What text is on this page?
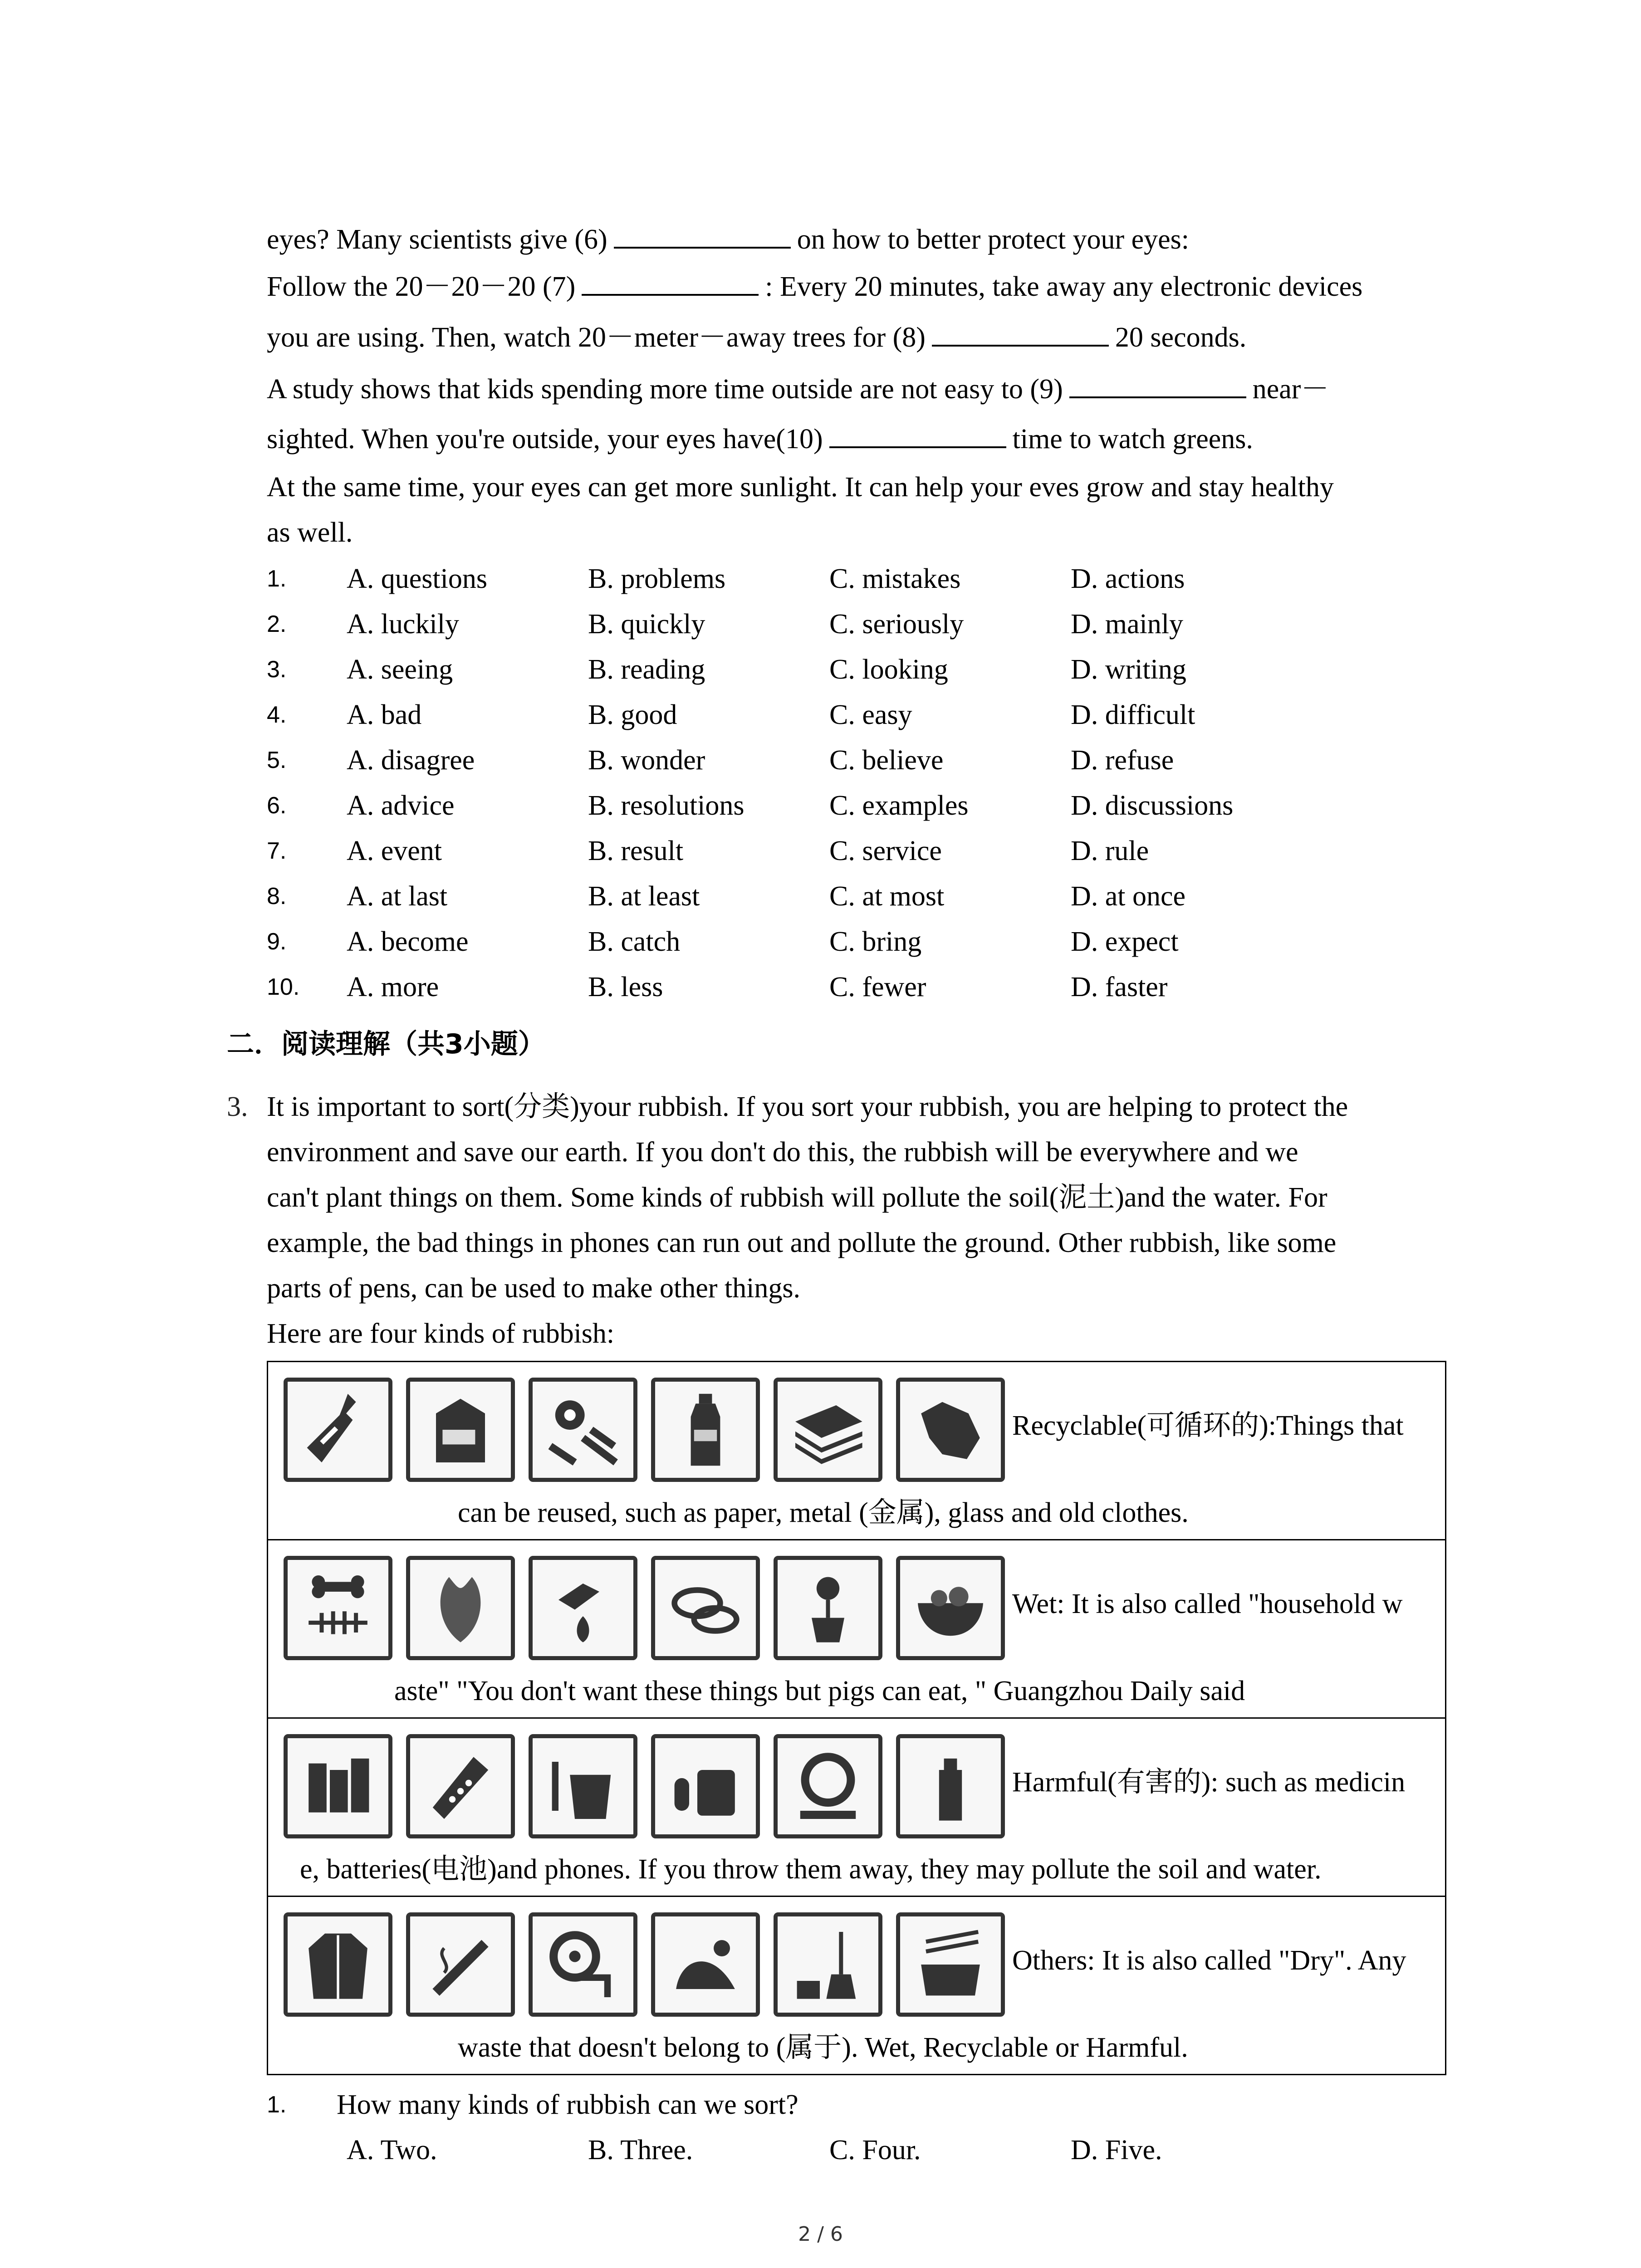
eyes? Many scientists give (6)	on how to better protect your eyes:
Follow the 20－20－20 (7)	: Every 20 minutes, take away any electronic devices
you are using. Then, watch 20－meter－away trees for (8)	20 seconds.
A study shows that kids spending more time outside are not easy to (9)	near－
sighted. When you're outside, your eyes have(10)	time to watch greens.
At the same time, your eyes can get more sunlight. It can help your eves grow and stay healthy
as well.
1. A. questions	B. problems	C. mistakes	D. actions
2. A. luckily	B. quickly	C. seriously	D. mainly
3. A. seeing	B. reading	C. looking	D. writing
4. A. bad	B. good	C. easy	D. difficult
5. A. disagree	B. wonder	C. believe	D. refuse
6. A. advice	B. resolutions	C. examples	D. discussions
7. A. event	B. result	C. service	D. rule
8. A. at last	B. at least	C. at most	D. at once
9. A. become	B. catch	C. bring	D. expect
10. A. more	B. less	C. fewer	D. faster
二．阅读理解（共3小题）
3. It is important to sort(分类)your rubbish. If you sort your rubbish, you are helping to protect the
environment and save our earth. If you don't do this, the rubbish will be everywhere and we
can't plant things on them. Some kinds of rubbish will pollute the soil(泥土)and the water. For
example, the bad things in phones can run out and pollute the ground. Other rubbish, like some
parts of pens, can be used to make other things.
Here are four kinds of rubbish:
Recyclable(可循环的):Things that
can be reused, such as paper, metal (金属), glass and old clothes.

Wet: It is also called "household w
aste" "You don't want these things but pigs can eat, " Guangzhou Daily said

Harmful(有害的): such as medicin
e, batteries(电池)and phones. If you throw them away, they may pollute the soil and water.

Others: It is also called "Dry". Any
waste that doesn't belong to (属于). Wet, Recyclable or Harmful.
1. How many kinds of rubbish can we sort?
A. Two.	B. Three.	C. Four.	D. Five.
2 / 6
